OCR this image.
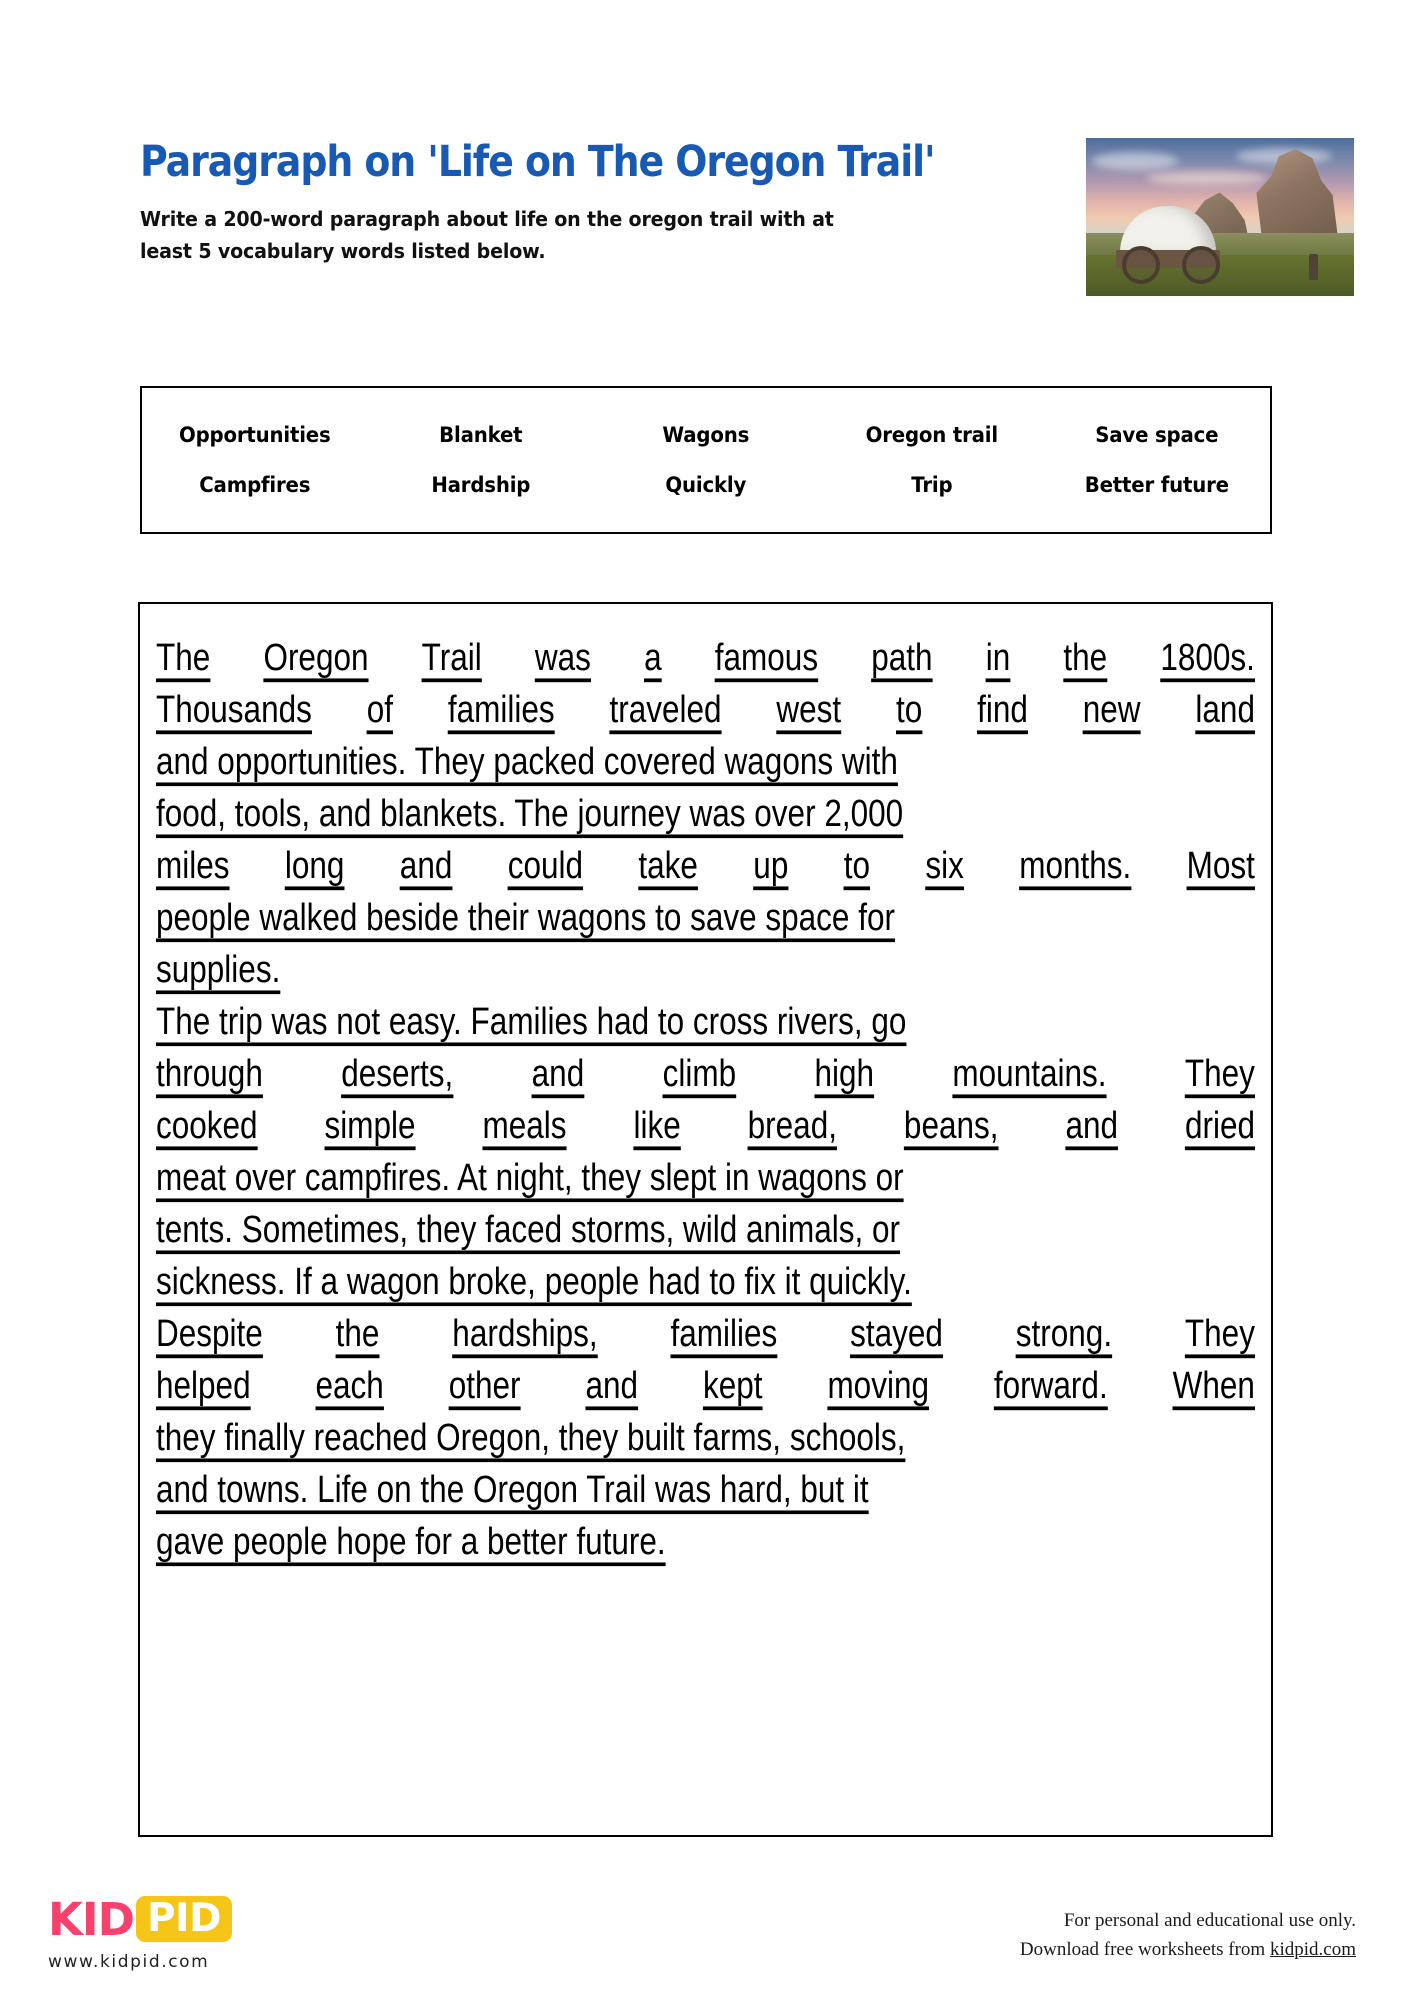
Paragraph on 'Life on The Oregon Trail'
Write a 200-word paragraph about life on the oregon trail with at least 5 vocabulary words listed below.
Opportunities	Blanket	Wagons	Oregon trail	Save space
Campfires	Hardship	Quickly	Trip	Better future
The Oregon Trail was a famous path in the 1800s.
Thousands of families traveled west to find new land
and opportunities. They packed covered wagons with
food, tools, and blankets. The journey was over 2,000
miles long and could take up to six months. Most
people walked beside their wagons to save space for
supplies.
The trip was not easy. Families had to cross rivers, go
through deserts, and climb high mountains. They
cooked simple meals like bread, beans, and dried
meat over campfires. At night, they slept in wagons or
tents. Sometimes, they faced storms, wild animals, or
sickness. If a wagon broke, people had to fix it quickly.
Despite the hardships, families stayed strong. They
helped each other and kept moving forward. When
they finally reached Oregon, they built farms, schools,
and towns. Life on the Oregon Trail was hard, but it
gave people hope for a better future.
KID PID
www.kidpid.com
For personal and educational use only.
Download free worksheets from kidpid.com
